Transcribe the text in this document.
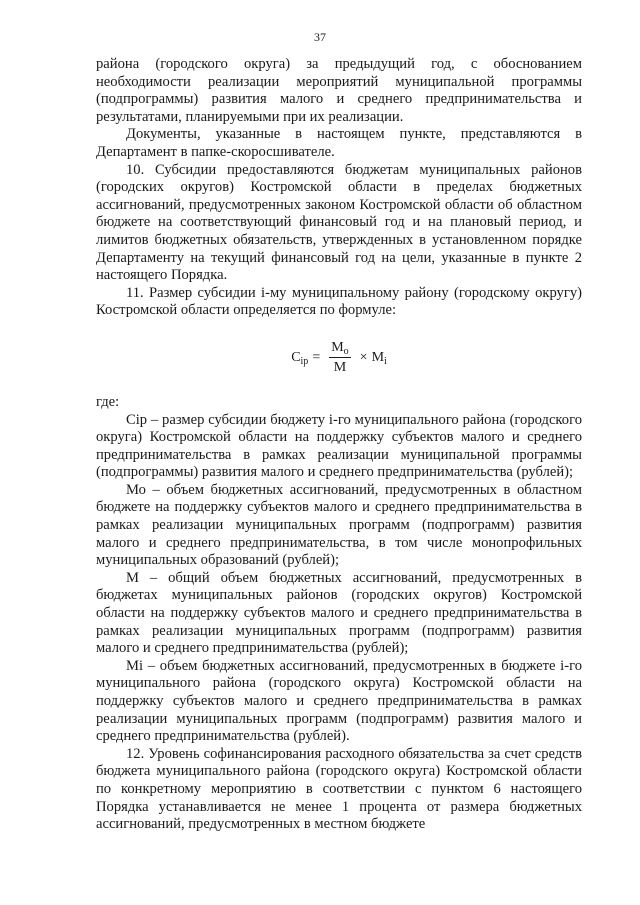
37

района (городского округа) за предыдущий год, с обоснованием необходимости реализации мероприятий муниципальной программы (подпрограммы) развития малого и среднего предпринимательства и результатами, планируемыми при их реализации.

Документы, указанные в настоящем пункте, представляются в Департамент в папке-скоросшивателе.

10. Субсидии предоставляются бюджетам муниципальных районов (городских округов) Костромской области в пределах бюджетных ассигнований, предусмотренных законом Костромской области об областном бюджете на соответствующий финансовый год и на плановый период, и лимитов бюджетных обязательств, утвержденных в установленном порядке Департаменту на текущий финансовый год на цели, указанные в пункте 2 настоящего Порядка.

11. Размер субсидии i-му муниципальному району (городскому округу) Костромской области определяется по формуле:

$C_{ip} = \frac{M_o}{M} \times M_i$

где:

Сip – размер субсидии бюджету i-го муниципального района (городского округа) Костромской области на поддержку субъектов малого и среднего предпринимательства в рамках реализации муниципальной программы (подпрограммы) развития малого и среднего предпринимательства (рублей);

Мо – объем бюджетных ассигнований, предусмотренных в областном бюджете на поддержку субъектов малого и среднего предпринимательства в рамках реализации муниципальных программ (подпрограмм) развития малого и среднего предпринимательства, в том числе монопрофильных муниципальных образований (рублей);

М – общий объем бюджетных ассигнований, предусмотренных в бюджетах муниципальных районов (городских округов) Костромской области на поддержку субъектов малого и среднего предпринимательства в рамках реализации муниципальных программ (подпрограмм) развития малого и среднего предпринимательства (рублей);

Мi – объем бюджетных ассигнований, предусмотренных в бюджете i-го муниципального района (городского округа) Костромской области на поддержку субъектов малого и среднего предпринимательства в рамках реализации муниципальных программ (подпрограмм) развития малого и среднего предпринимательства (рублей).

12. Уровень софинансирования расходного обязательства за счет средств бюджета муниципального района (городского округа) Костромской области по конкретному мероприятию в соответствии с пунктом 6 настоящего Порядка устанавливается не менее 1 процента от размера бюджетных ассигнований, предусмотренных в местном бюджете
